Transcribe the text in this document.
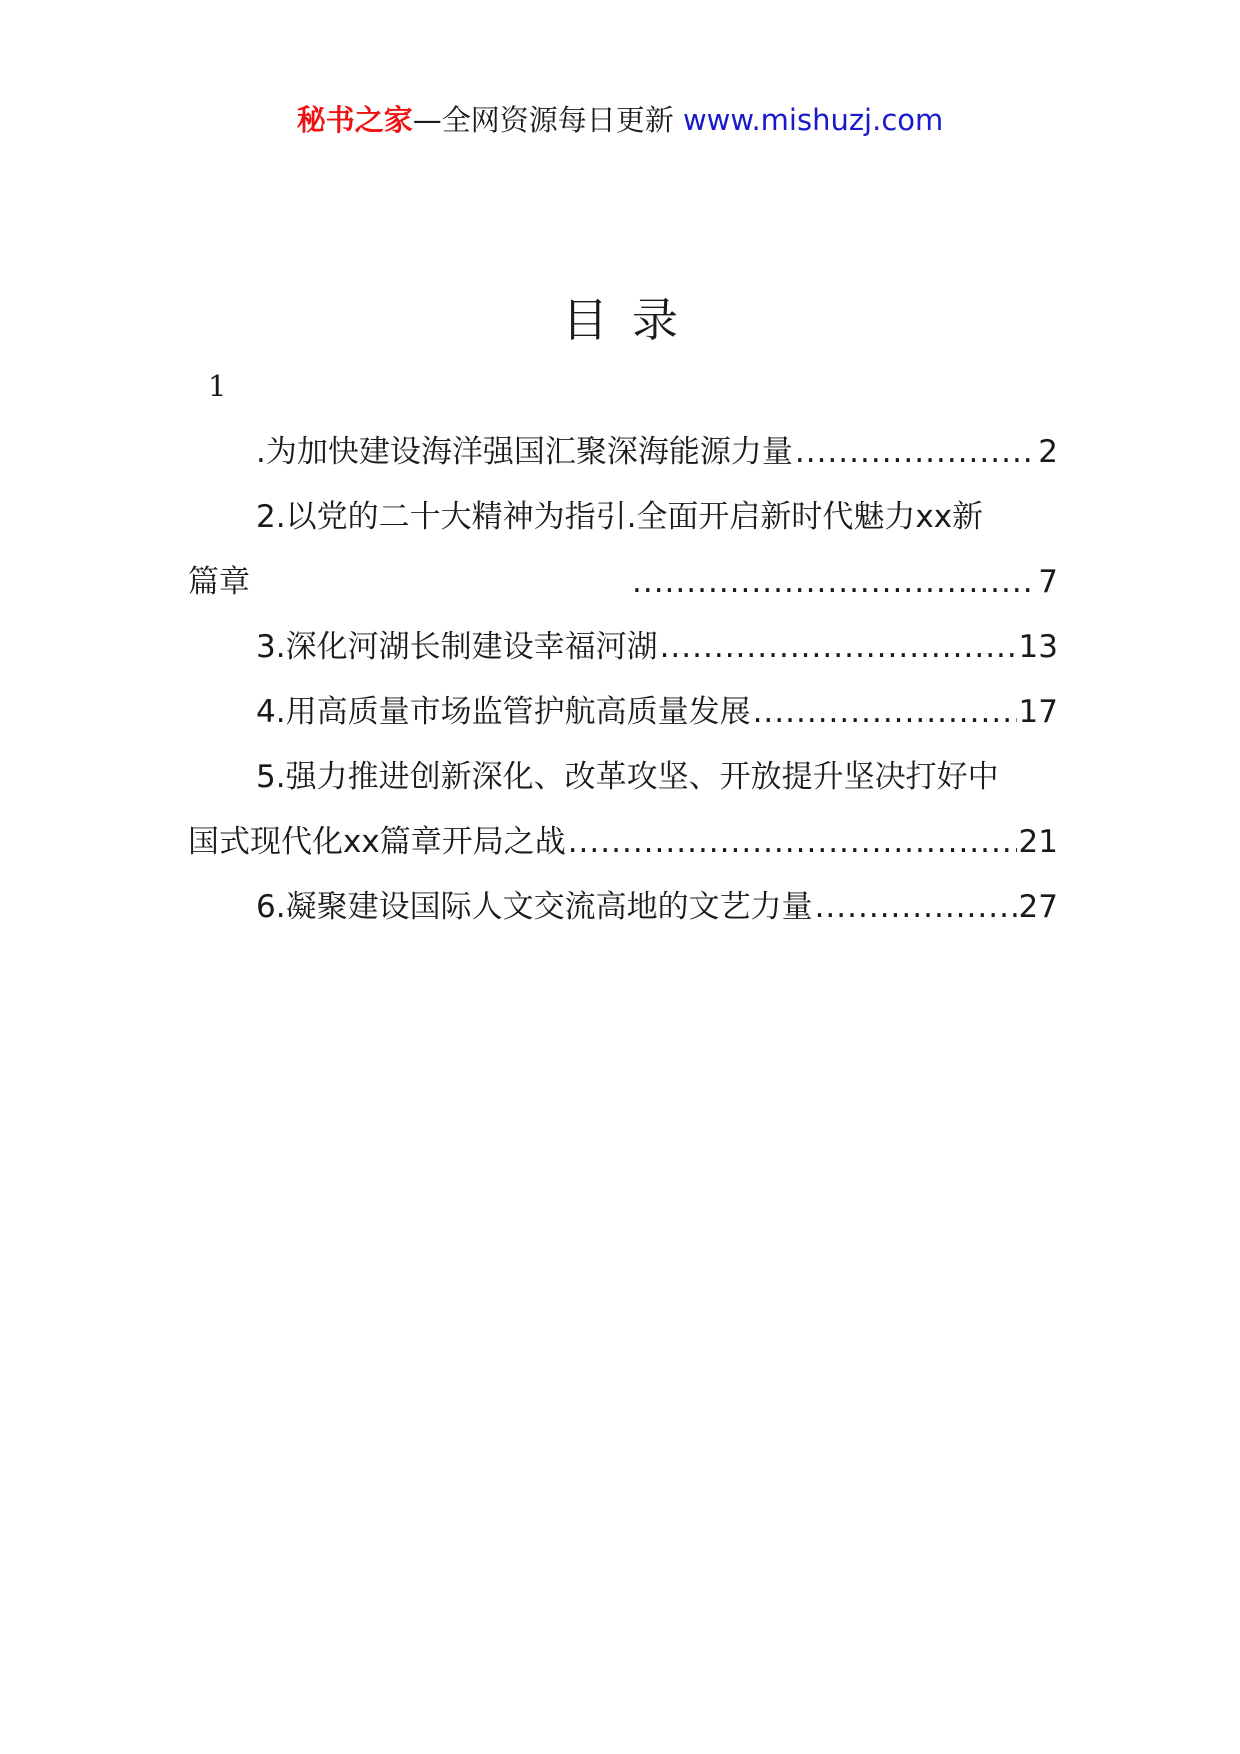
秘书之家—全网资源每日更新 www.mishuzj.com
目录
1
.为加快建设海洋强国汇聚深海能源力量 .....	2
2.以党的二十大精神为指引.全面开启新时代魅力xx新
篇章 .....	7
3.深化河湖长制建设幸福河湖 .....	13
4.用高质量市场监管护航高质量发展 .....	17
5.强力推进创新深化、改革攻坚、开放提升坚决打好中
国式现代化xx篇章开局之战 .....	21
6.凝聚建设国际人文交流高地的文艺力量 .....	27
